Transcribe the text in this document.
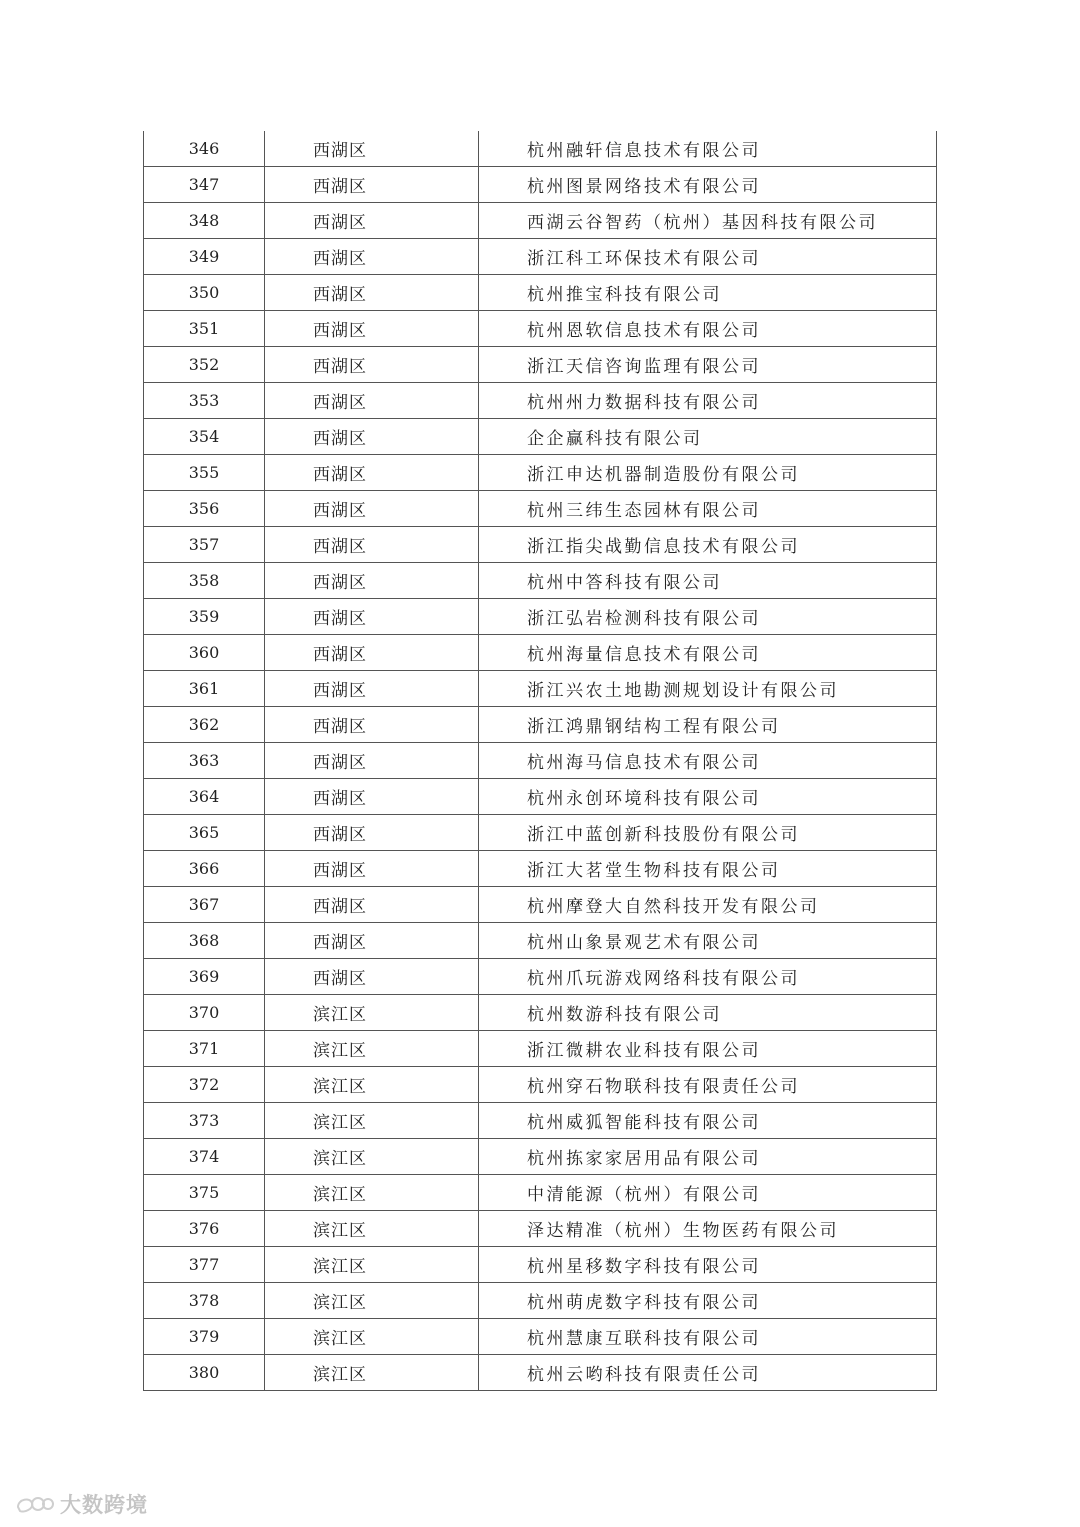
346	西湖区	杭州融轩信息技术有限公司
347	西湖区	杭州图景网络技术有限公司
348	西湖区	西湖云谷智药（杭州）基因科技有限公司
349	西湖区	浙江科工环保技术有限公司
350	西湖区	杭州推宝科技有限公司
351	西湖区	杭州恩软信息技术有限公司
352	西湖区	浙江天信咨询监理有限公司
353	西湖区	杭州州力数据科技有限公司
354	西湖区	企企赢科技有限公司
355	西湖区	浙江申达机器制造股份有限公司
356	西湖区	杭州三纬生态园林有限公司
357	西湖区	浙江指尖战勤信息技术有限公司
358	西湖区	杭州中答科技有限公司
359	西湖区	浙江弘岩检测科技有限公司
360	西湖区	杭州海量信息技术有限公司
361	西湖区	浙江兴农土地勘测规划设计有限公司
362	西湖区	浙江鸿鼎钢结构工程有限公司
363	西湖区	杭州海马信息技术有限公司
364	西湖区	杭州永创环境科技有限公司
365	西湖区	浙江中蓝创新科技股份有限公司
366	西湖区	浙江大茗堂生物科技有限公司
367	西湖区	杭州摩登大自然科技开发有限公司
368	西湖区	杭州山象景观艺术有限公司
369	西湖区	杭州爪玩游戏网络科技有限公司
370	滨江区	杭州数游科技有限公司
371	滨江区	浙江微耕农业科技有限公司
372	滨江区	杭州穿石物联科技有限责任公司
373	滨江区	杭州威狐智能科技有限公司
374	滨江区	杭州拣家家居用品有限公司
375	滨江区	中清能源（杭州）有限公司
376	滨江区	泽达精准（杭州）生物医药有限公司
377	滨江区	杭州星移数字科技有限公司
378	滨江区	杭州萌虎数字科技有限公司
379	滨江区	杭州慧康互联科技有限公司
380	滨江区	杭州云哟科技有限责任公司
大数跨境
